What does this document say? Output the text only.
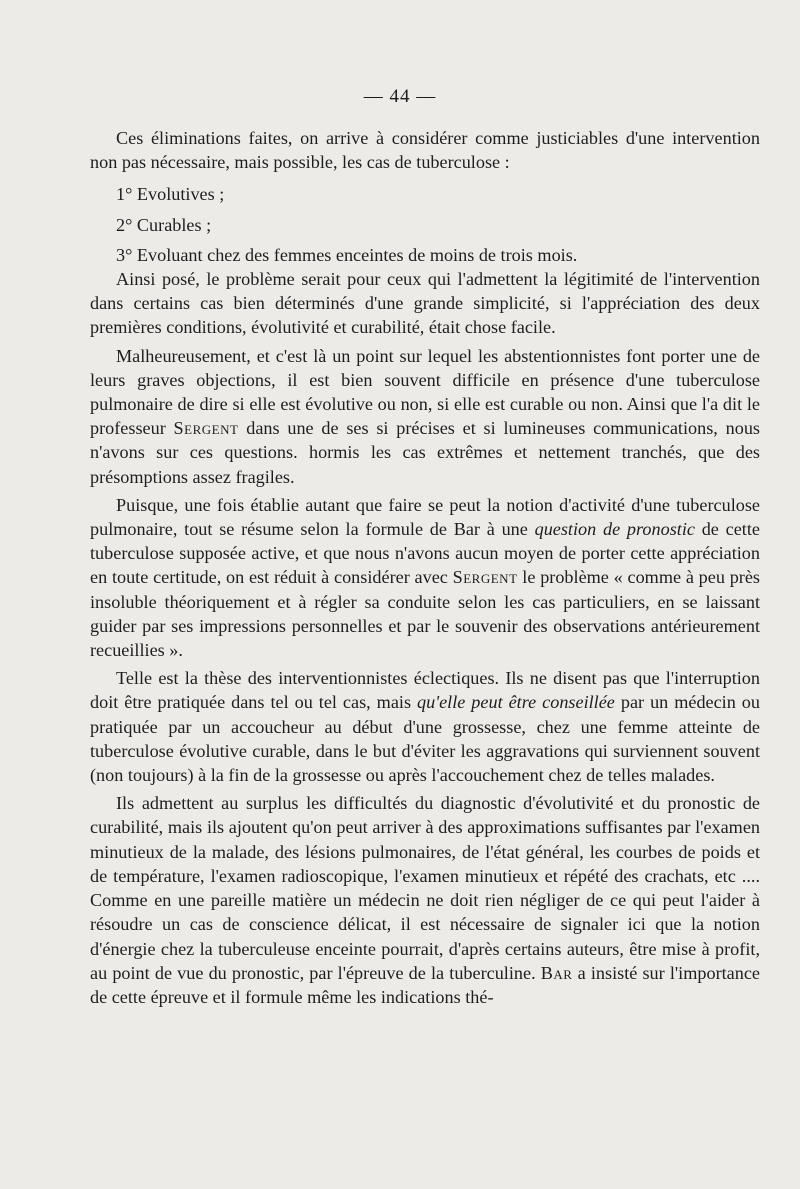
— 44 —

Ces éliminations faites, on arrive à considérer comme justiciables d'une intervention non pas nécessaire, mais possible, les cas de tuberculose :

1° Evolutives ;

2° Curables ;

3° Evoluant chez des femmes enceintes de moins de trois mois.

Ainsi posé, le problème serait pour ceux qui l'admettent la légitimité de l'intervention dans certains cas bien déterminés d'une grande simplicité, si l'appréciation des deux premières conditions, évolutivité et curabilité, était chose facile.

Malheureusement, et c'est là un point sur lequel les abstentionnistes font porter une de leurs graves objections, il est bien souvent difficile en présence d'une tuberculose pulmonaire de dire si elle est évolutive ou non, si elle est curable ou non. Ainsi que l'a dit le professeur Sergent dans une de ses si précises et si lumineuses communications, nous n'avons sur ces questions. hormis les cas extrêmes et nettement tranchés, que des présomptions assez fragiles.

Puisque, une fois établie autant que faire se peut la notion d'activité d'une tuberculose pulmonaire, tout se résume selon la formule de Bar à une question de pronostic de cette tuberculose supposée active, et que nous n'avons aucun moyen de porter cette appréciation en toute certitude, on est réduit à considérer avec Sergent le problème « comme à peu près insoluble théoriquement et à régler sa conduite selon les cas particuliers, en se laissant guider par ses impressions personnelles et par le souvenir des observations antérieurement recueillies ».

Telle est la thèse des interventionnistes éclectiques. Ils ne disent pas que l'interruption doit être pratiquée dans tel ou tel cas, mais qu'elle peut être conseillée par un médecin ou pratiquée par un accoucheur au début d'une grossesse, chez une femme atteinte de tuberculose évolutive curable, dans le but d'éviter les aggravations qui surviennent souvent (non toujours) à la fin de la grossesse ou après l'accouchement chez de telles malades.

Ils admettent au surplus les difficultés du diagnostic d'évolutivité et du pronostic de curabilité, mais ils ajoutent qu'on peut arriver à des approximations suffisantes par l'examen minutieux de la malade, des lésions pulmonaires, de l'état général, les courbes de poids et de température, l'examen radioscopique, l'examen minutieux et répété des crachats, etc .... Comme en une pareille matière un médecin ne doit rien négliger de ce qui peut l'aider à résoudre un cas de conscience délicat, il est nécessaire de signaler ici que la notion d'énergie chez la tuberculeuse enceinte pourrait, d'après certains auteurs, être mise à profit, au point de vue du pronostic, par l'épreuve de la tuberculine. Bar a insisté sur l'importance de cette épreuve et il formule même les indications thé-
